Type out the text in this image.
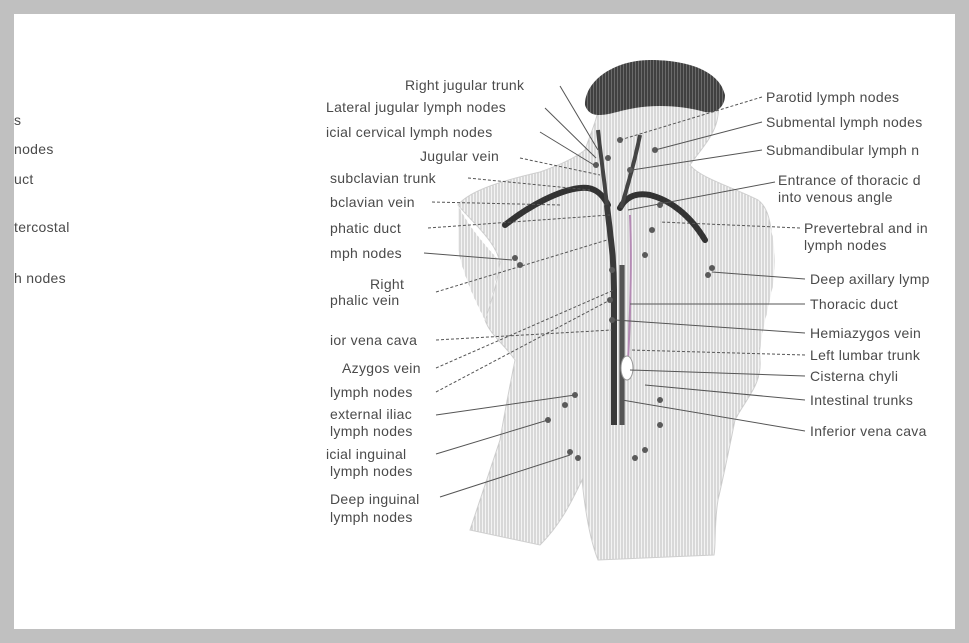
s
nodes
uct
tercostal
h nodes
Right jugular trunk
Lateral jugular lymph nodes
icial cervical lymph nodes
Jugular vein
subclavian trunk
bclavian vein
phatic duct
mph nodes
Right
phalic vein
ior vena cava
Azygos vein
lymph nodes
external iliac
lymph nodes
icial inguinal
lymph nodes
Deep inguinal
lymph nodes
Parotid lymph nodes
Submental lymph nodes
Submandibular lymph n
Entrance of thoracic d
into venous angle
Prevertebral and in
lymph nodes
Deep axillary lymp
Thoracic duct
Hemiazygos vein
Left lumbar trunk
Cisterna chyli
Intestinal trunks
Inferior vena cava
